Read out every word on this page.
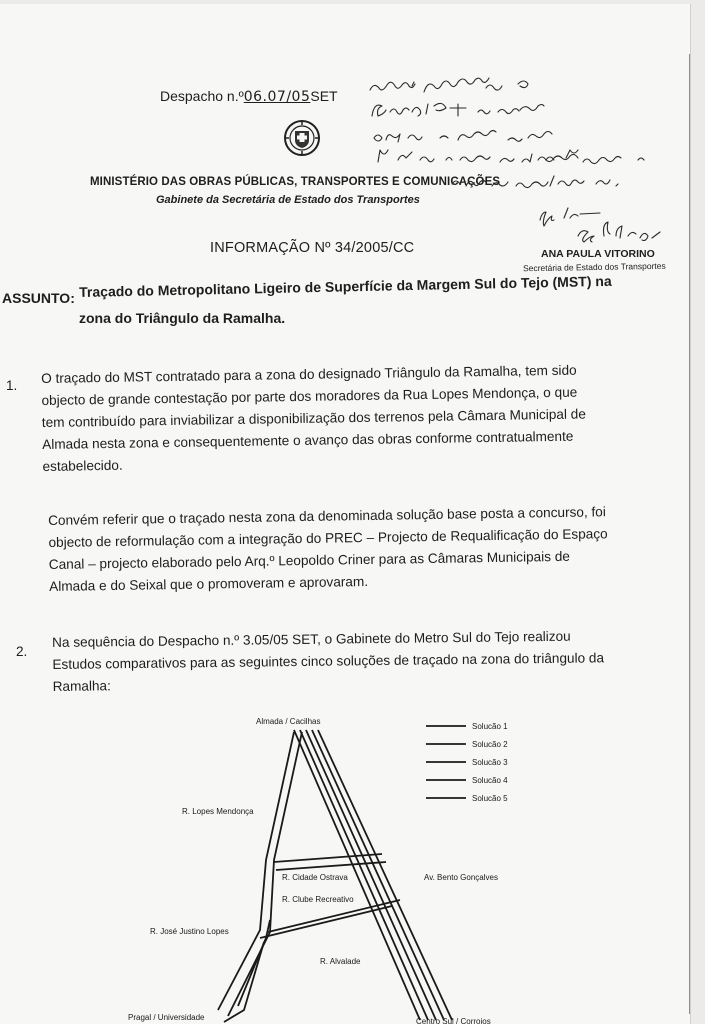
Despacho n.º06.07/05SET
MINISTÉRIO DAS OBRAS PÚBLICAS, TRANSPORTES E COMUNICAÇÕES
Gabinete da Secretária de Estado dos Transportes
INFORMAÇÃO Nº 34/2005/CC	ANA PAULA VITORINO
Secretária de Estado dos Transportes
ASSUNTO: Traçado do Metropolitano Ligeiro de Superfície da Margem Sul do Tejo (MST) na
zona do Triângulo da Ramalha.
1. O traçado do MST contratado para a zona do designado Triângulo da Ramalha, tem sido
objecto de grande contestação por parte dos moradores da Rua Lopes Mendonça, o que
tem contribuído para inviabilizar a disponibilização dos terrenos pela Câmara Municipal de
Almada nesta zona e consequentemente o avanço das obras conforme contratualmente
estabelecido.
Convém referir que o traçado nesta zona da denominada solução base posta a concurso, foi
objecto de reformulação com a integração do PREC – Projecto de Requalificação do Espaço
Canal – projecto elaborado pelo Arq.º Leopoldo Criner para as Câmaras Municipais de
Almada e do Seixal que o promoveram e aprovaram.
2.
Na sequência do Despacho n.º 3.05/05 SET, o Gabinete do Metro Sul do Tejo realizou
Estudos comparativos para as seguintes cinco soluções de traçado na zona do triângulo da
Ramalha:
Solucão 1
Solucão 2
Solucão 3
Solucão 4
Solucão 5
Almada / Cacilhas
R. Lopes Mendonça
R. Cidade Ostrava
R. Clube Recreativo
Av. Bento Gonçalves
R. José Justino Lopes
R. Alvalade
Pragal / Universidade	Centro Sul / Corroios
